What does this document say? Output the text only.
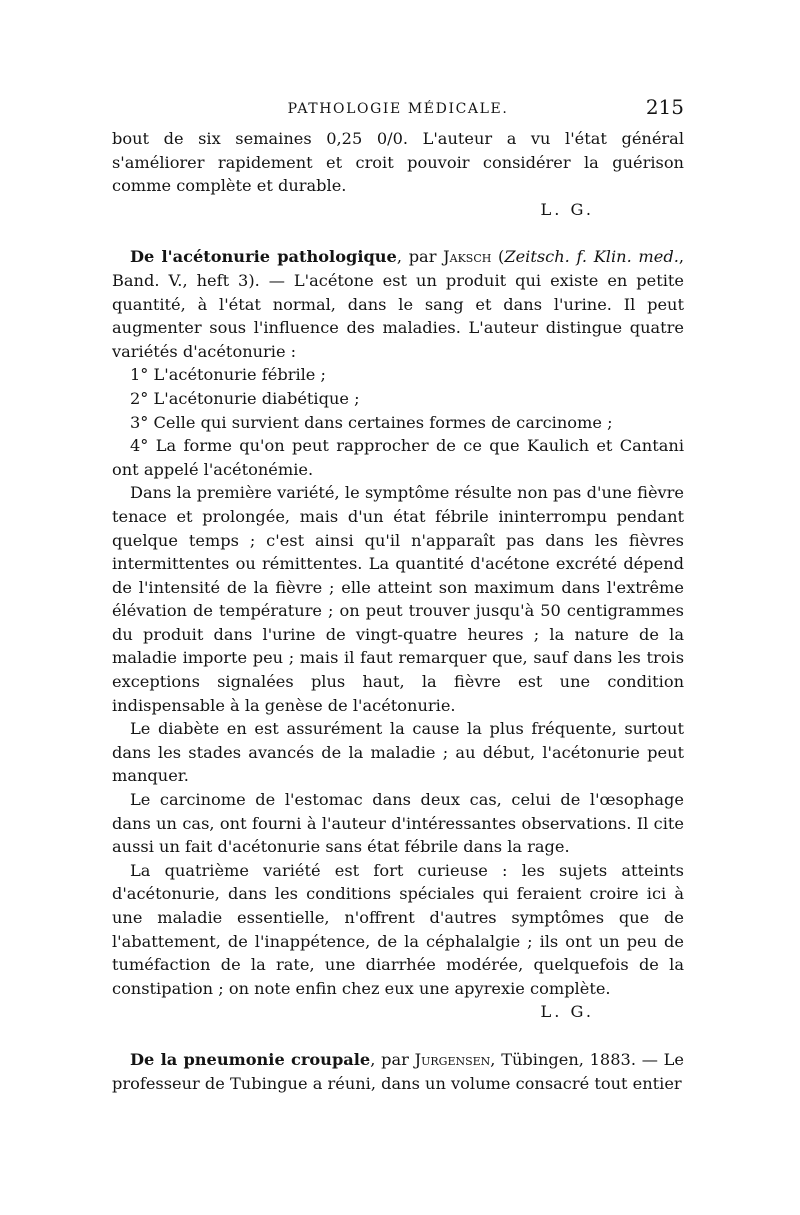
PATHOLOGIE MÉDICALE.	215

bout de six semaines 0,25 0/0. L'auteur a vu l'état général s'améliorer rapidement et croit pouvoir considérer la guérison comme complète et durable.

L. G.

De l'acétonurie pathologique, par Jaksch (Zeitsch. f. Klin. med., Band. V., heft 3). — L'acétone est un produit qui existe en petite quantité, à l'état normal, dans le sang et dans l'urine. Il peut augmenter sous l'influence des maladies. L'auteur distingue quatre variétés d'acétonurie :

1° L'acétonurie fébrile ;

2° L'acétonurie diabétique ;

3° Celle qui survient dans certaines formes de carcinome ;

4° La forme qu'on peut rapprocher de ce que Kaulich et Cantani ont appelé l'acétonémie.

Dans la première variété, le symptôme résulte non pas d'une fièvre tenace et prolongée, mais d'un état fébrile ininterrompu pendant quelque temps ; c'est ainsi qu'il n'apparaît pas dans les fièvres intermittentes ou rémittentes. La quantité d'acétone excrété dépend de l'intensité de la fièvre ; elle atteint son maximum dans l'extrême élévation de température ; on peut trouver jusqu'à 50 centigrammes du produit dans l'urine de vingt-quatre heures ; la nature de la maladie importe peu ; mais il faut remarquer que, sauf dans les trois exceptions signalées plus haut, la fièvre est une condition indispensable à la genèse de l'acétonurie.

Le diabète en est assurément la cause la plus fréquente, surtout dans les stades avancés de la maladie ; au début, l'acétonurie peut manquer.

Le carcinome de l'estomac dans deux cas, celui de l'œsophage dans un cas, ont fourni à l'auteur d'intéressantes observations. Il cite aussi un fait d'acétonurie sans état fébrile dans la rage.

La quatrième variété est fort curieuse : les sujets atteints d'acétonurie, dans les conditions spéciales qui feraient croire ici à une maladie essentielle, n'offrent d'autres symptômes que de l'abattement, de l'inappétence, de la céphalalgie ; ils ont un peu de tuméfaction de la rate, une diarrhée modérée, quelquefois de la constipation ; on note enfin chez eux une apyrexie complète.

L. G.

De la pneumonie croupale, par Jurgensen, Tübingen, 1883. — Le professeur de Tubingue a réuni, dans un volume consacré tout entier
